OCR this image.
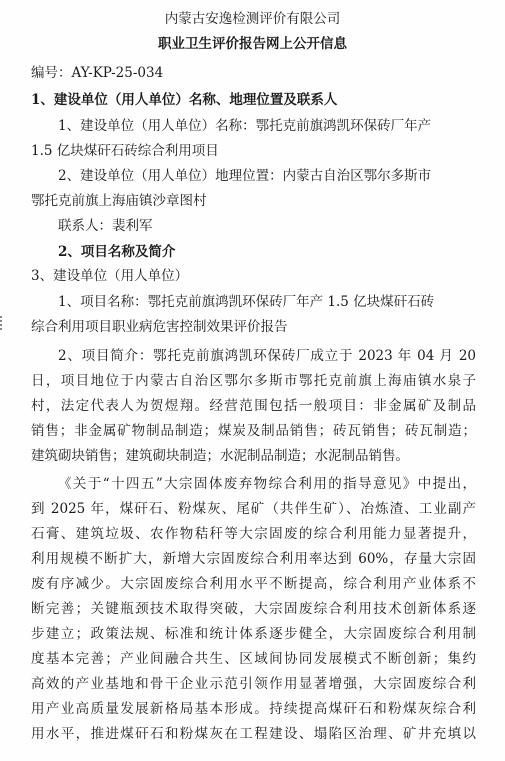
内蒙古安逸检测评价有限公司
职业卫生评价报告网上公开信息
编号：AY-KP-25-034
1、建设单位（用人单位）名称、地理位置及联系人
1、建设单位（用人单位）名称：鄂托克前旗鸿凯环保砖厂年产
1.5 亿块煤矸石砖综合利用项目
2、建设单位（用人单位）地理位置：内蒙古自治区鄂尔多斯市
鄂托克前旗上海庙镇沙章图村
联系人：裴利军
2、项目名称及简介
3、建设单位（用人单位）
1、项目名称：鄂托克前旗鸿凯环保砖厂年产 1.5 亿块煤矸石砖
综合利用项目职业病危害控制效果评价报告
2、项目简介：鄂托克前旗鸿凯环保砖厂成立于 2023 年 04 月 20
日，项目地位于内蒙古自治区鄂尔多斯市鄂托克前旗上海庙镇水泉子
村，法定代表人为贺煜翔。经营范围包括一般项目：非金属矿及制品
销售；非金属矿物制品制造；煤炭及制品销售；砖瓦销售；砖瓦制造；
建筑砌块销售；建筑砌块制造；水泥制品制造；水泥制品销售。
《关于“十四五”大宗固体废弃物综合利用的指导意见》中提出，
到 2025 年，煤矸石、粉煤灰、尾矿（共伴生矿）、冶炼渣、工业副产
石膏、建筑垃圾、农作物秸秆等大宗固废的综合利用能力显著提升，
利用规模不断扩大，新增大宗固废综合利用率达到 60%，存量大宗固
废有序减少。大宗固废综合利用水平不断提高，综合利用产业体系不
断完善；关键瓶颈技术取得突破，大宗固废综合利用技术创新体系逐
步建立；政策法规、标准和统计体系逐步健全，大宗固废综合利用制
度基本完善；产业间融合共生、区域间协同发展模式不断创新；集约
高效的产业基地和骨干企业示范引领作用显著增强，大宗固废综合利
用产业高质量发展新格局基本形成。持续提高煤矸石和粉煤灰综合利
用水平，推进煤矸石和粉煤灰在工程建设、塌陷区治理、矿井充填以
